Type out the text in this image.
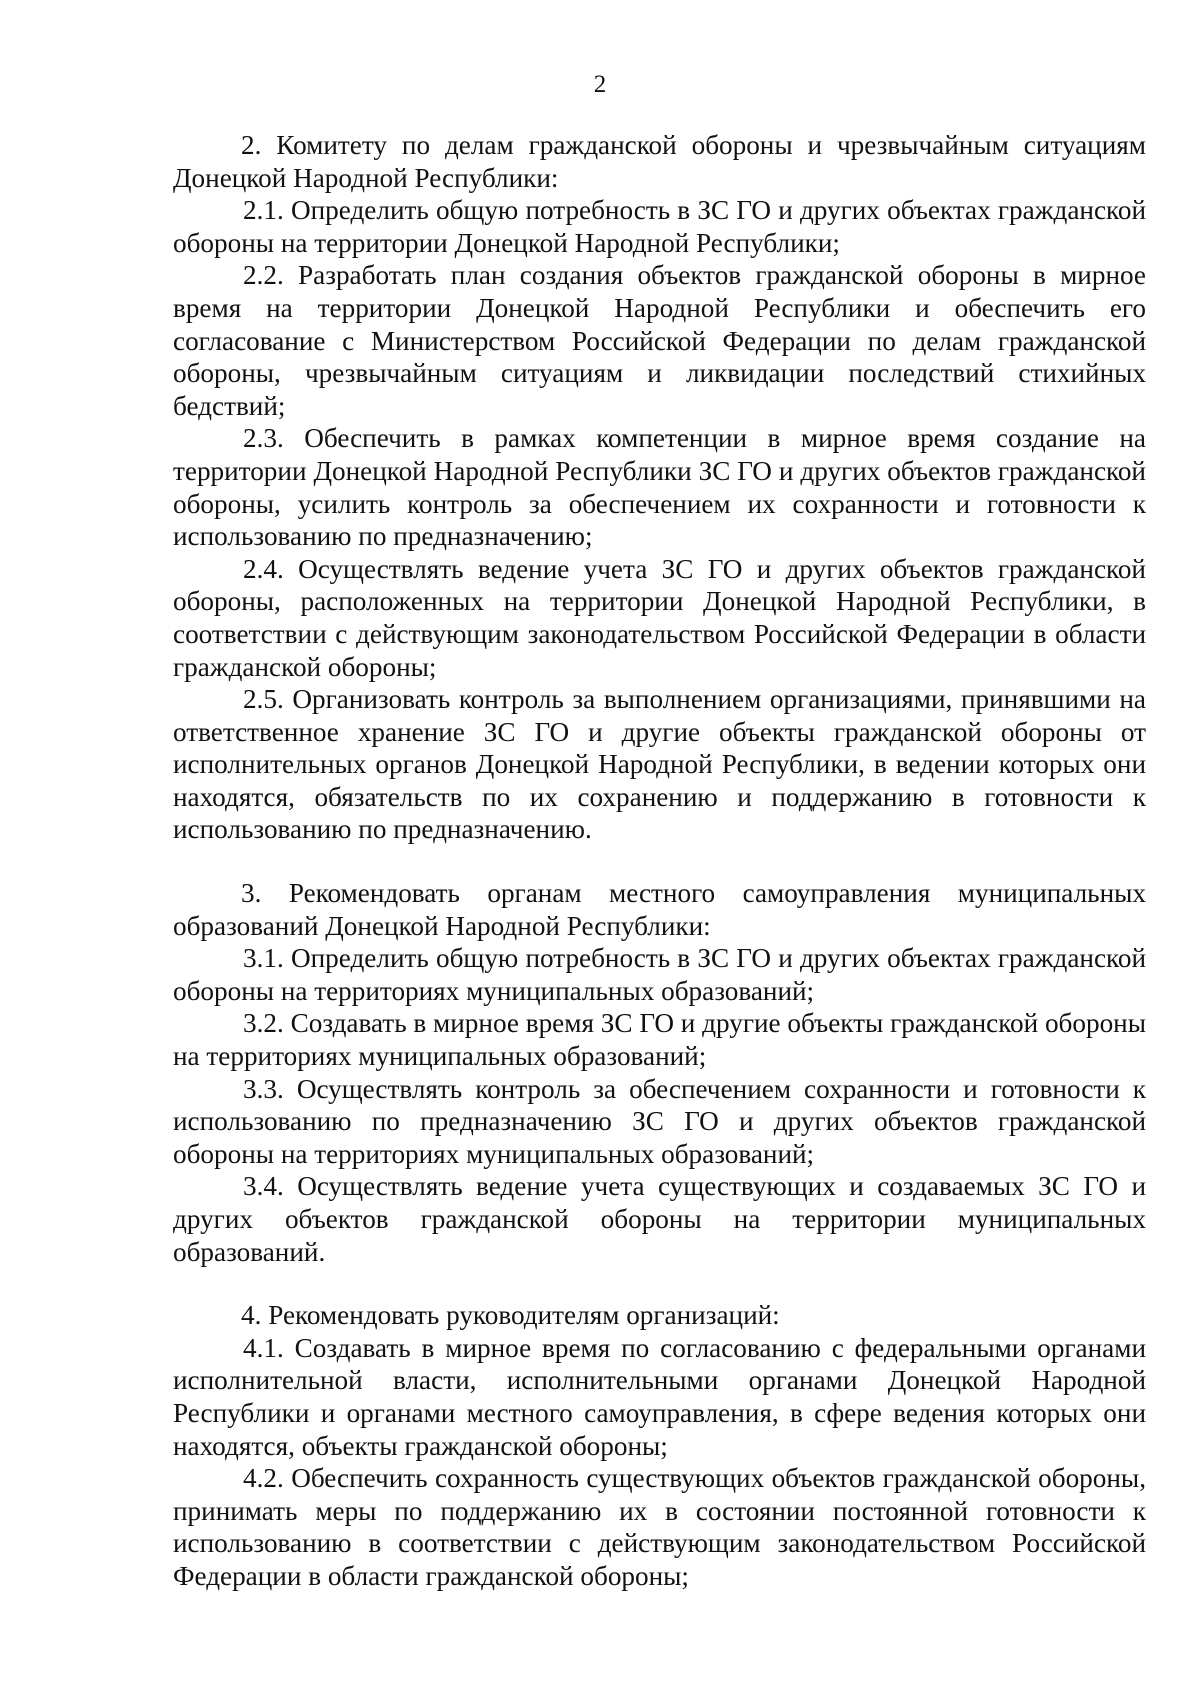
2

2. Комитету по делам гражданской обороны и чрезвычайным ситуациям Донецкой Народной Республики:

2.1. Определить общую потребность в ЗС ГО и других объектах гражданской обороны на территории Донецкой Народной Республики;

2.2. Разработать план создания объектов гражданской обороны в мирное время на территории Донецкой Народной Республики и обеспечить его согласование с Министерством Российской Федерации по делам гражданской обороны, чрезвычайным ситуациям и ликвидации последствий стихийных бедствий;

2.3. Обеспечить в рамках компетенции в мирное время создание на территории Донецкой Народной Республики ЗС ГО и других объектов гражданской обороны, усилить контроль за обеспечением их сохранности и готовности к использованию по предназначению;

2.4. Осуществлять ведение учета ЗС ГО и других объектов гражданской обороны, расположенных на территории Донецкой Народной Республики, в соответствии с действующим законодательством Российской Федерации в области гражданской обороны;

2.5. Организовать контроль за выполнением организациями, принявшими на ответственное хранение ЗС ГО и другие объекты гражданской обороны от исполнительных органов Донецкой Народной Республики, в ведении которых они находятся, обязательств по их сохранению и поддержанию в готовности к использованию по предназначению.

3. Рекомендовать органам местного самоуправления муниципальных образований Донецкой Народной Республики:

3.1. Определить общую потребность в ЗС ГО и других объектах гражданской обороны на территориях муниципальных образований;

3.2. Создавать в мирное время ЗС ГО и другие объекты гражданской обороны на территориях муниципальных образований;

3.3. Осуществлять контроль за обеспечением сохранности и готовности к использованию по предназначению ЗС ГО и других объектов гражданской обороны на территориях муниципальных образований;

3.4. Осуществлять ведение учета существующих и создаваемых ЗС ГО и других объектов гражданской обороны на территории муниципальных образований.

4. Рекомендовать руководителям организаций:

4.1. Создавать в мирное время по согласованию с федеральными органами исполнительной власти, исполнительными органами Донецкой Народной Республики и органами местного самоуправления, в сфере ведения которых они находятся, объекты гражданской обороны;

4.2. Обеспечить сохранность существующих объектов гражданской обороны, принимать меры по поддержанию их в состоянии постоянной готовности к использованию в соответствии с действующим законодательством Российской Федерации в области гражданской обороны;
